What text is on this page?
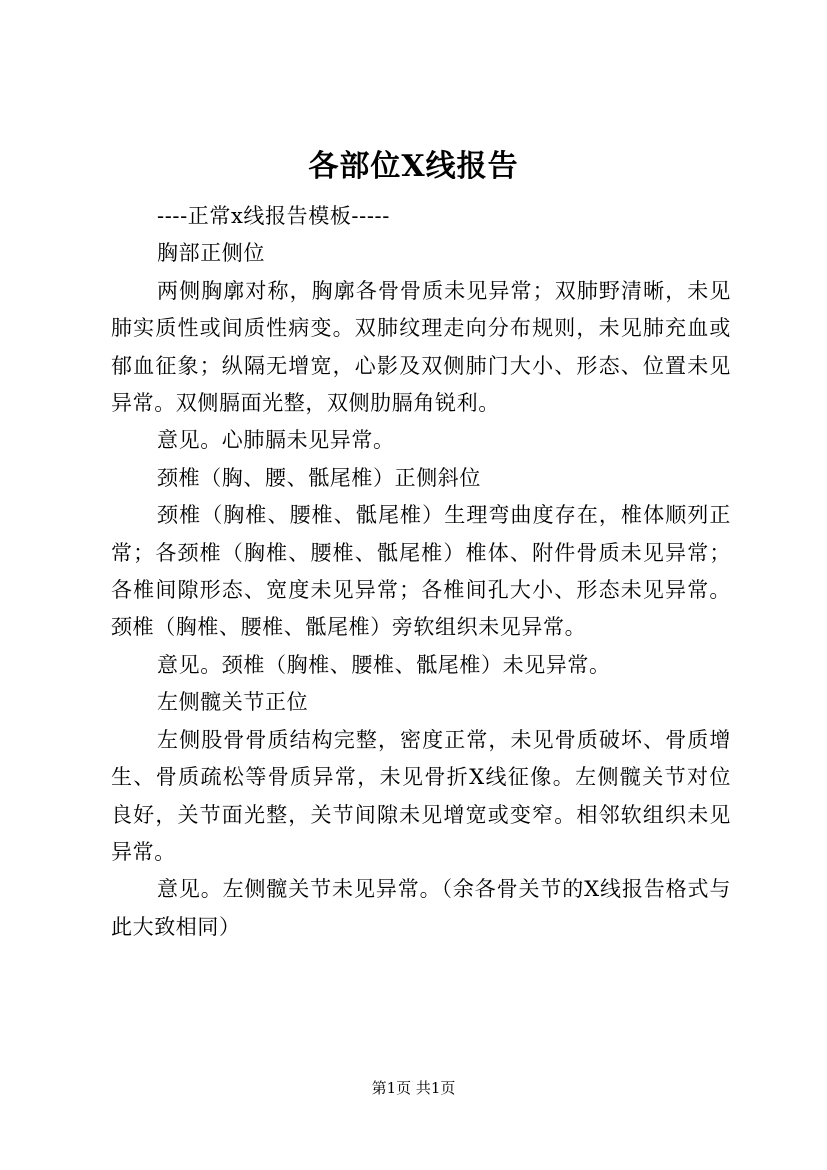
各部位X线报告

----正常x线报告模板-----

胸部正侧位

两侧胸廓对称，胸廓各骨骨质未见异常；双肺野清晰，未见肺实质性或间质性病变。双肺纹理走向分布规则，未见肺充血或郁血征象；纵隔无增宽，心影及双侧肺门大小、形态、位置未见异常。双侧膈面光整，双侧肋膈角锐利。

意见。心肺膈未见异常。

颈椎（胸、腰、骶尾椎）正侧斜位

颈椎（胸椎、腰椎、骶尾椎）生理弯曲度存在，椎体顺列正常；各颈椎（胸椎、腰椎、骶尾椎）椎体、附件骨质未见异常；各椎间隙形态、宽度未见异常；各椎间孔大小、形态未见异常。颈椎（胸椎、腰椎、骶尾椎）旁软组织未见异常。

意见。颈椎（胸椎、腰椎、骶尾椎）未见异常。

左侧髋关节正位

左侧股骨骨质结构完整，密度正常，未见骨质破坏、骨质增生、骨质疏松等骨质异常，未见骨折X线征像。左侧髋关节对位良好，关节面光整，关节间隙未见增宽或变窄。相邻软组织未见异常。

意见。左侧髋关节未见异常。（余各骨关节的X线报告格式与此大致相同）

第1页 共1页
